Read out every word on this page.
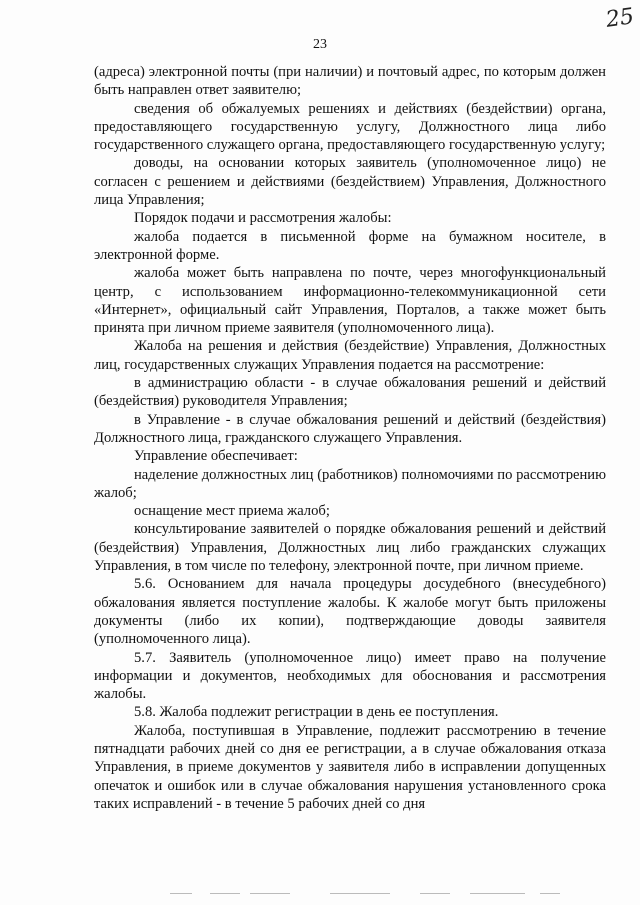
25
23

(адреса) электронной почты (при наличии) и почтовый адрес, по которым должен быть направлен ответ заявителю;

сведения об обжалуемых решениях и действиях (бездействии) органа, предоставляющего государственную услугу, Должностного лица либо государственного служащего органа, предоставляющего государственную услугу;

доводы, на основании которых заявитель (уполномоченное лицо) не согласен с решением и действиями (бездействием) Управления, Должностного лица Управления;

Порядок подачи и рассмотрения жалобы:

жалоба подается в письменной форме на бумажном носителе, в электронной форме.

жалоба может быть направлена по почте, через многофункциональный центр, с использованием информационно-телекоммуникационной сети «Интернет», официальный сайт Управления, Порталов, а также может быть принята при личном приеме заявителя (уполномоченного лица).

Жалоба на решения и действия (бездействие) Управления, Должностных лиц, государственных служащих Управления подается на рассмотрение:

в администрацию области - в случае обжалования решений и действий (бездействия) руководителя Управления;

в Управление - в случае обжалования решений и действий (бездействия) Должностного лица, гражданского служащего Управления.

Управление обеспечивает:

наделение должностных лиц (работников) полномочиями по рассмотрению жалоб;

оснащение мест приема жалоб;

консультирование заявителей о порядке обжалования решений и действий (бездействия) Управления, Должностных лиц либо гражданских служащих Управления, в том числе по телефону, электронной почте, при личном приеме.

5.6. Основанием для начала процедуры досудебного (внесудебного) обжалования является поступление жалобы. К жалобе могут быть приложены документы (либо их копии), подтверждающие доводы заявителя (уполномоченного лица).

5.7. Заявитель (уполномоченное лицо) имеет право на получение информации и документов, необходимых для обоснования и рассмотрения жалобы.

5.8. Жалоба подлежит регистрации в день ее поступления.

Жалоба, поступившая в Управление, подлежит рассмотрению в течение пятнадцати рабочих дней со дня ее регистрации, а в случае обжалования отказа Управления, в приеме документов у заявителя либо в исправлении допущенных опечаток и ошибок или в случае обжалования нарушения установленного срока таких исправлений - в течение 5 рабочих дней со дня
